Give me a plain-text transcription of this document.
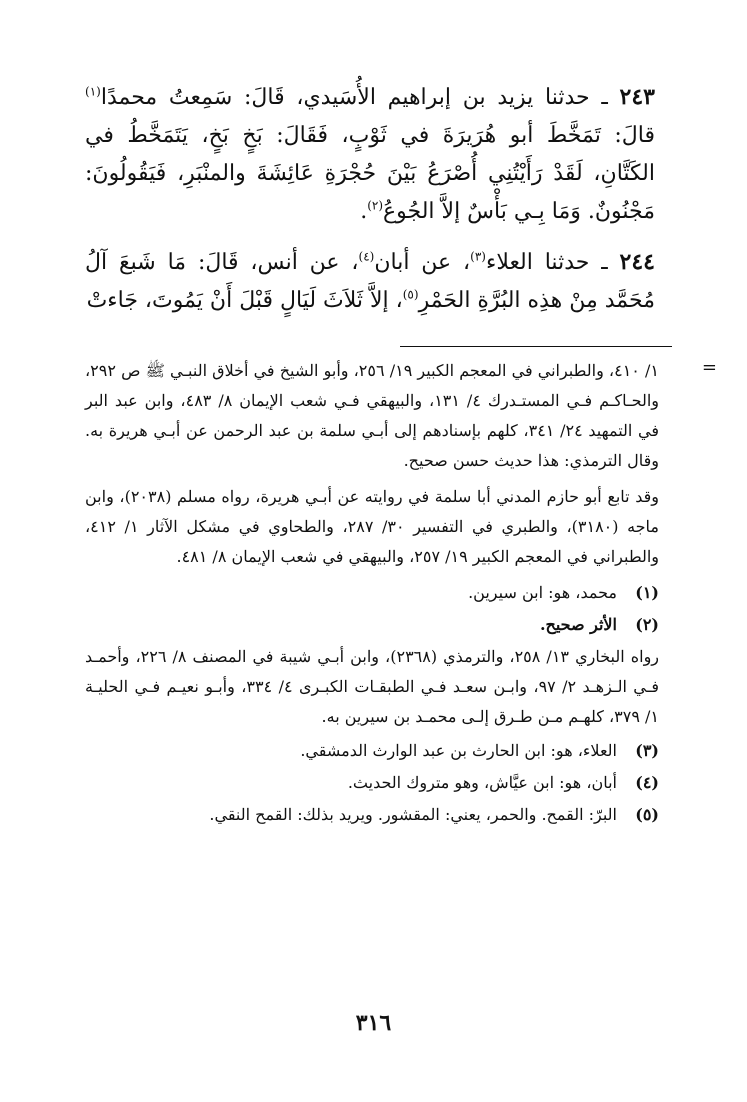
٢٤٣ ـ حدثنا يزيد بن إبراهيم الأُسَيدي، قَالَ: سَمِعتُ محمدًا$^{(١)}$ قالَ: تَمَخَّطَ أبو هُرَيرَةَ في ثَوْبٍ، فَقَالَ: بَخٍ بَخٍ، يَتَمَخَّطُ في الكَتَّانِ، لَقَدْ رَأَيْتُنِي أُصْرَعُ بَيْنَ حُجْرَةِ عَائِشَةَ والمنْبَرِ، فَيَقُولُونَ: مَجْنُونٌ. وَمَا بِـي بَأْسٌ إلاَّ الجُوعُ$^{(٢)}$.

٢٤٤ ـ حدثنا العلاء$^{(٣)}$، عن أبان$^{(٤)}$، عن أنس، قَالَ: مَا شَبعَ آلُ مُحَمَّد مِنْ هذِه البُرَّةِ الحَمْرِ$^{(٥)}$، إلاَّ ثَلاَثَ لَيَالٍ قَبْلَ أَنْ يَمُوتَ، جَاءتْ

=

١/ ٤١٠، والطبراني في المعجم الكبير ١٩/ ٢٥٦، وأبو الشيخ في أخلاق النبـي ﷺ ص ٢٩٢، والحـاكـم فـي المستـدرك ٤/ ١٣١، والبيهقي فـي شعب الإيمان ٨/ ٤٨٣، وابن عبد البر في التمهيد ٢٤/ ٣٤١، كلهم بإسنادهم إلى أبـي سلمة بن عبد الرحمن عن أبـي هريرة به. وقال الترمذي: هذا حديث حسن صحيح.

وقد تابع أبو حازم المدني أبا سلمة في روايته عن أبـي هريرة، رواه مسلم (٢٠٣٨)، وابن ماجه (٣١٨٠)، والطبري في التفسير ٣٠/ ٢٨٧، والطحاوي في مشكل الآثار ١/ ٤١٢، والطبراني في المعجم الكبير ١٩/ ٢٥٧، والبيهقي في شعب الإيمان ٨/ ٤٨١.

(١)
محمد، هو: ابن سيرين.
(٢)
الأثر صحيح.

رواه البخاري ١٣/ ٢٥٨، والترمذي (٢٣٦٨)، وابن أبـي شيبة في المصنف ٨/ ٢٢٦، وأحمـد فـي الـزهـد ٢/ ٩٧، وابـن سعـد فـي الطبقـات الكبـرى ٤/ ٣٣٤، وأبـو نعيـم فـي الحليـة ١/ ٣٧٩، كلهـم مـن طـرق إلـى محمـد بن سيرين به.

(٣)
العلاء، هو: ابن الحارث بن عبد الوارث الدمشقي.
(٤)
أبان، هو: ابن عيَّاش، وهو متروك الحديث.
(٥)
البرّ: القمح. والحمر، يعني: المقشور. ويريد بذلك: القمح النقي.
٣١٦
